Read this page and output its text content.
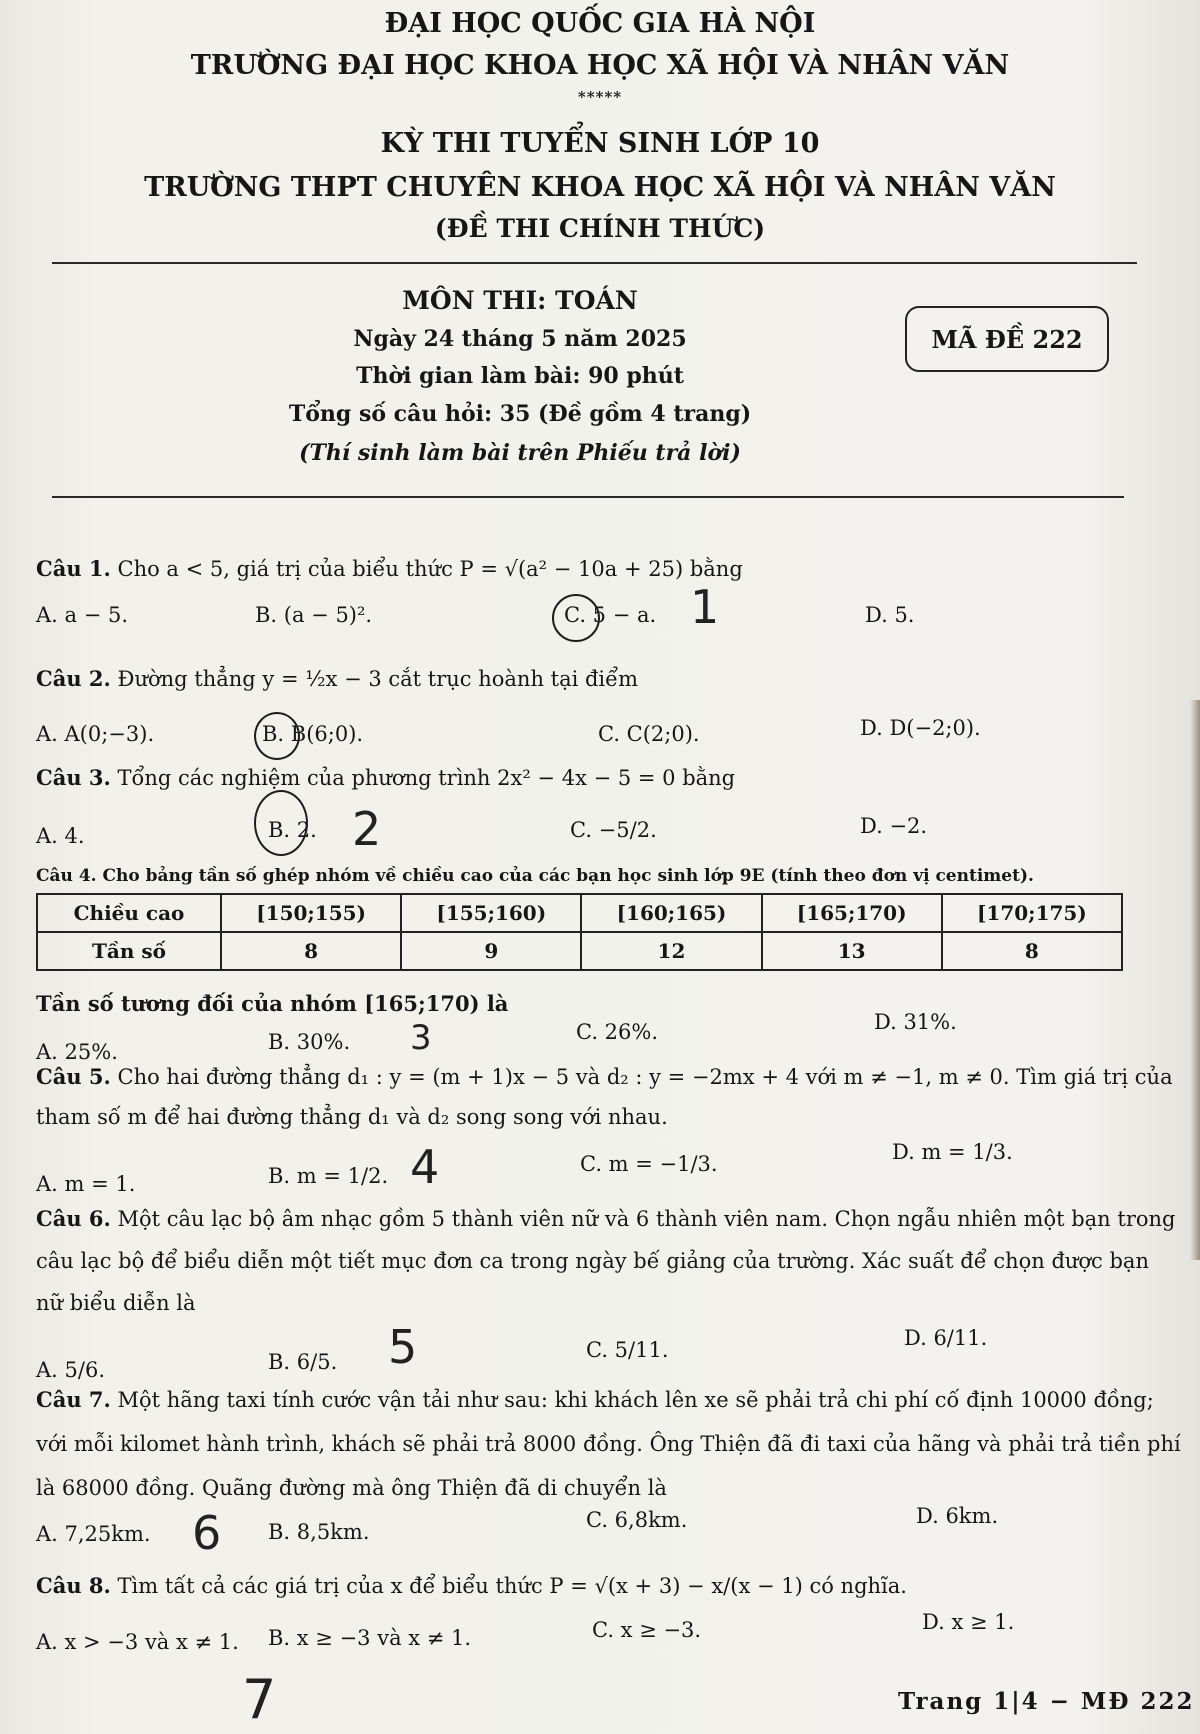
ĐẠI HỌC QUỐC GIA HÀ NỘI
TRƯỜNG ĐẠI HỌC KHOA HỌC XÃ HỘI VÀ NHÂN VĂN
*****
KỲ THI TUYỂN SINH LỚP 10
TRƯỜNG THPT CHUYÊN KHOA HỌC XÃ HỘI VÀ NHÂN VĂN
(ĐỀ THI CHÍNH THỨC)
MÔN THI: TOÁN
Ngày 24 tháng 5 năm 2025
Thời gian làm bài: 90 phút
Tổng số câu hỏi: 35 (Đề gồm 4 trang)
(Thí sinh làm bài trên Phiếu trả lời)
MÃ ĐỀ 222
Câu 1. Cho a < 5, giá trị của biểu thức P = √(a² − 10a + 25) bằng
A. a − 5.	B. (a − 5)².	C. 5 − a.	D. 5.
1
Câu 2. Đường thẳng y = ½x − 3 cắt trục hoành tại điểm
A. A(0;−3).	B. B(6;0).	C. C(2;0).	D. D(−2;0).
Câu 3. Tổng các nghiệm của phương trình 2x² − 4x − 5 = 0 bằng
A. 4.	B. 2.	C. −5/2.	D. −2.
2
Câu 4. Cho bảng tần số ghép nhóm về chiều cao của các bạn học sinh lớp 9E (tính theo đơn vị centimet).
Chiều cao	[150;155)	[155;160)	[160;165)	[165;170)	[170;175)
Tần số	8	9	12	13	8
Tần số tương đối của nhóm [165;170) là
A. 25%.	B. 30%.	C. 26%.	D. 31%.
3
Câu 5. Cho hai đường thẳng d₁ : y = (m + 1)x − 5 và d₂ : y = −2mx + 4 với m ≠ −1, m ≠ 0. Tìm giá trị của
tham số m để hai đường thẳng d₁ và d₂ song song với nhau.
A. m = 1.	B. m = 1/2.	C. m = −1/3.	D. m = 1/3.
4
Câu 6. Một câu lạc bộ âm nhạc gồm 5 thành viên nữ và 6 thành viên nam. Chọn ngẫu nhiên một bạn trong câu lạc bộ để biểu diễn một tiết mục đơn ca trong ngày bế giảng của trường. Xác suất để chọn được bạn nữ biểu diễn là
A. 5/6.	B. 6/5.	C. 5/11.	D. 6/11.
5
Câu 7. Một hãng taxi tính cước vận tải như sau: khi khách lên xe sẽ phải trả chi phí cố định 10000 đồng; với mỗi kilomet hành trình, khách sẽ phải trả 8000 đồng. Ông Thiện đã đi taxi của hãng và phải trả tiền phí là 68000 đồng. Quãng đường mà ông Thiện đã di chuyển là
A. 7,25km.	B. 8,5km.	C. 6,8km.	D. 6km.
6
Câu 8. Tìm tất cả các giá trị của x để biểu thức P = √(x + 3) − x/(x − 1) có nghĩa.
A. x > −3 và x ≠ 1. B. x ≥ −3 và x ≠ 1.	C. x ≥ −3.	D. x ≥ 1.
7	Trang 1|4 − MĐ 222
